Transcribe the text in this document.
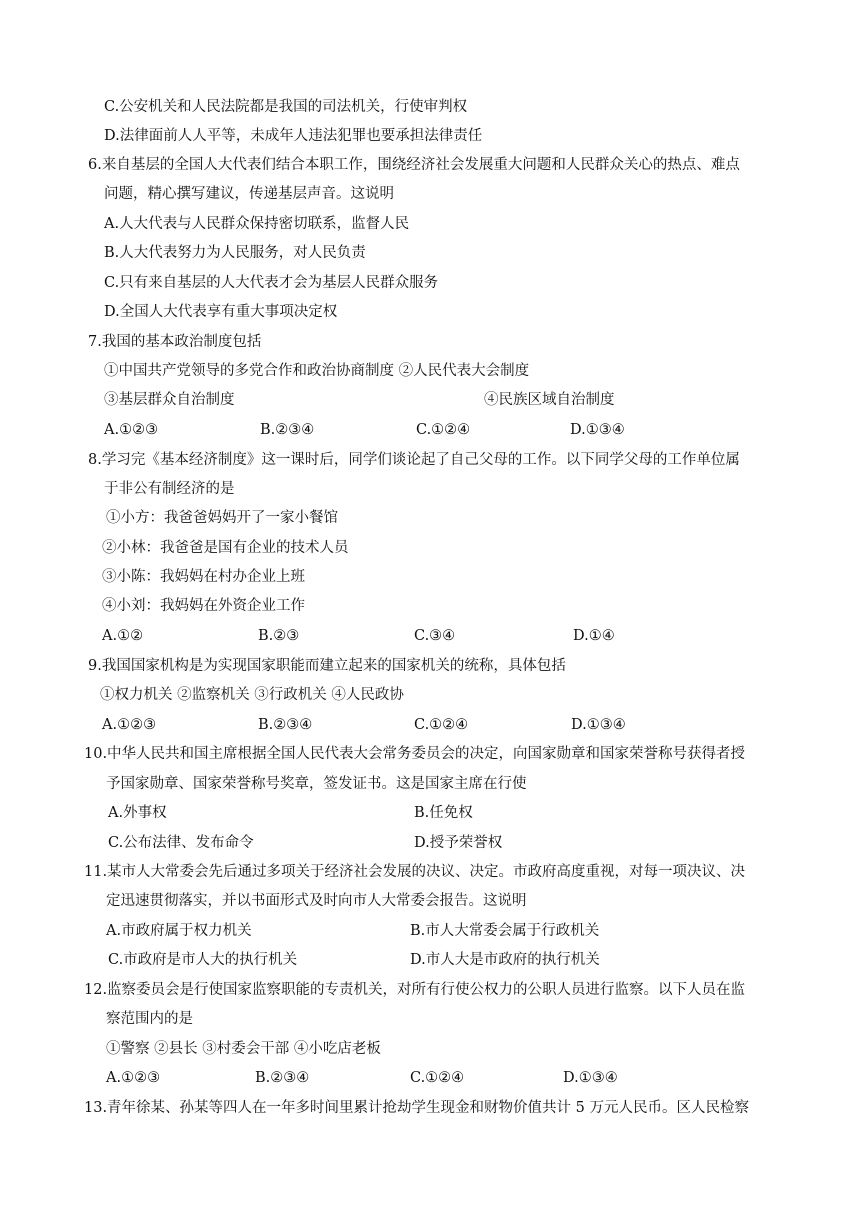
C.公安机关和人民法院都是我国的司法机关，行使审判权
D.法律面前人人平等，未成年人违法犯罪也要承担法律责任
6.来自基层的全国人大代表们结合本职工作，围绕经济社会发展重大问题和人民群众关心的热点、难点
问题，精心撰写建议，传递基层声音。这说明
A.人大代表与人民群众保持密切联系，监督人民
B.人大代表努力为人民服务，对人民负责
C.只有来自基层的人大代表才会为基层人民群众服务
D.全国人大代表享有重大事项决定权
7.我国的基本政治制度包括
①中国共产党领导的多党合作和政治协商制度 ②人民代表大会制度
③基层群众自治制度	④民族区域自治制度
A.①②③	B.②③④	C.①②④	D.①③④
8.学习完《基本经济制度》这一课时后，同学们谈论起了自己父母的工作。以下同学父母的工作单位属
于非公有制经济的是
①小方：我爸爸妈妈开了一家小餐馆
②小林：我爸爸是国有企业的技术人员
③小陈：我妈妈在村办企业上班
④小刘：我妈妈在外资企业工作
A.①②	B.②③	C.③④	D.①④
9.我国国家机构是为实现国家职能而建立起来的国家机关的统称，具体包括
①权力机关 ②监察机关 ③行政机关 ④人民政协
A.①②③	B.②③④	C.①②④	D.①③④
10.中华人民共和国主席根据全国人民代表大会常务委员会的决定，向国家勋章和国家荣誉称号获得者授
予国家勋章、国家荣誉称号奖章，签发证书。这是国家主席在行使
A.外事权	B.任免权
C.公布法律、发布命令	D.授予荣誉权
11.某市人大常委会先后通过多项关于经济社会发展的决议、决定。市政府高度重视，对每一项决议、决
定迅速贯彻落实，并以书面形式及时向市人大常委会报告。这说明
A.市政府属于权力机关	B.市人大常委会属于行政机关
C.市政府是市人大的执行机关	D.市人大是市政府的执行机关
12.监察委员会是行使国家监察职能的专责机关，对所有行使公权力的公职人员进行监察。以下人员在监
察范围内的是
①警察 ②县长 ③村委会干部 ④小吃店老板
A.①②③	B.②③④	C.①②④	D.①③④
13.青年徐某、孙某等四人在一年多时间里累计抢劫学生现金和财物价值共计 5 万元人民币。区人民检察
